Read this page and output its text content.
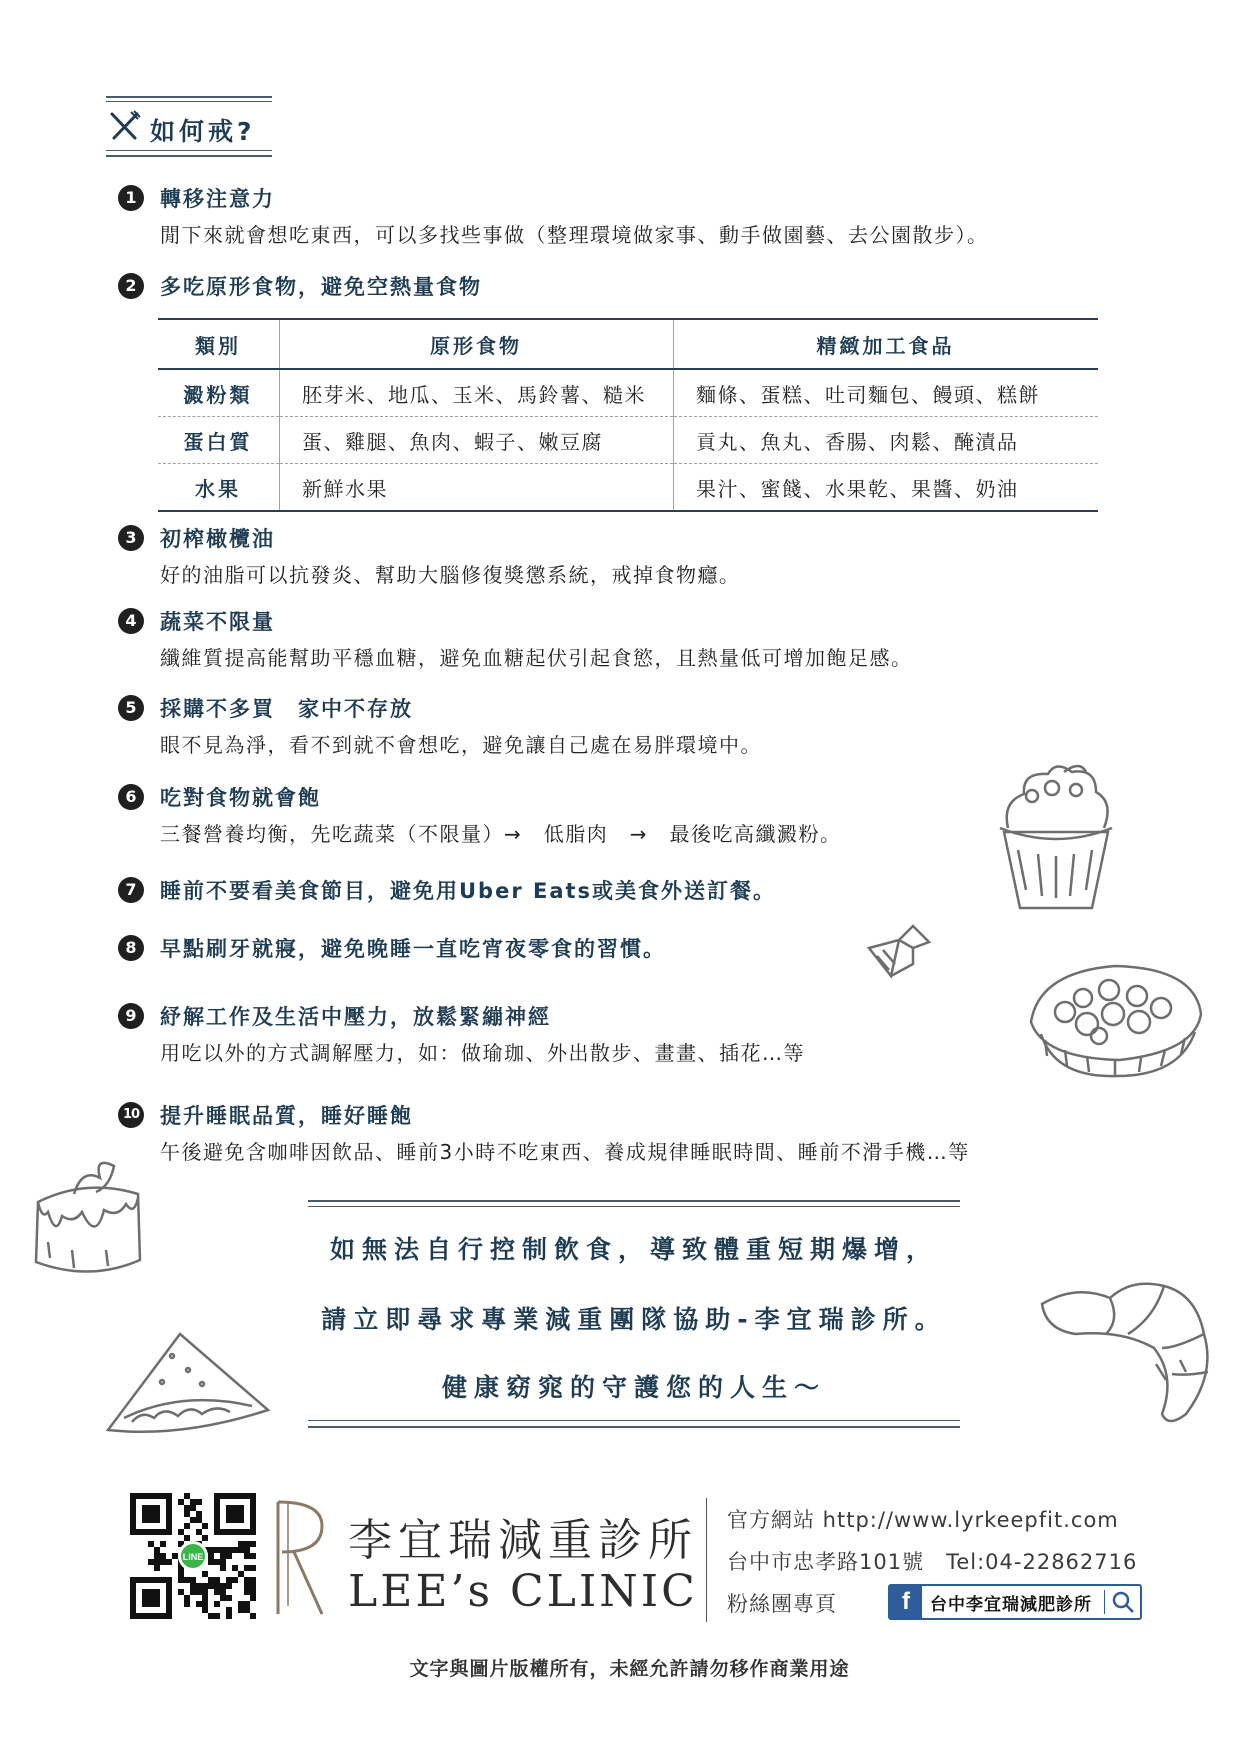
如何戒?
1	轉移注意力
閒下來就會想吃東西，可以多找些事做（整理環境做家事、動手做園藝、去公園散步）。
2	多吃原形食物，避免空熱量食物
類別	原形食物	精緻加工食品
澱粉類	胚芽米、地瓜、玉米、馬鈴薯、糙米	麵條、蛋糕、吐司麵包、饅頭、糕餅
蛋白質	蛋、雞腿、魚肉、蝦子、嫩豆腐	貢丸、魚丸、香腸、肉鬆、醃漬品
水果	新鮮水果	果汁、蜜餞、水果乾、果醬、奶油
3	初榨橄欖油
好的油脂可以抗發炎、幫助大腦修復獎懲系統，戒掉食物癮。
4	蔬菜不限量
纖維質提高能幫助平穩血糖，避免血糖起伏引起食慾，且熱量低可增加飽足感。
5	採購不多買　家中不存放
眼不見為淨，看不到就不會想吃，避免讓自己處在易胖環境中。
6	吃對食物就會飽
三餐營養均衡，先吃蔬菜（不限量）→　低脂肉　→　最後吃高纖澱粉。
7	睡前不要看美食節目，避免用Uber Eats或美食外送訂餐。
8	早點刷牙就寢，避免晚睡一直吃宵夜零食的習慣。
9	紓解工作及生活中壓力，放鬆緊繃神經
用吃以外的方式調解壓力，如：做瑜珈、外出散步、畫畫、插花…等
10 提升睡眠品質，睡好睡飽
午後避免含咖啡因飲品、睡前3小時不吃東西、養成規律睡眠時間、睡前不滑手機…等
如無法自行控制飲食，導致體重短期爆增，
請立即尋求專業減重團隊協助-李宜瑞診所。
健康窈窕的守護您的人生～
LINE	李宜瑞減重診所
LEE’s CLINIC
官方網站 http://www.lyrkeepfit.com
台中市忠孝路101號　Tel:04-22862716
粉絲團專頁	f	台中李宜瑞減肥診所
文字與圖片版權所有，未經允許請勿移作商業用途
